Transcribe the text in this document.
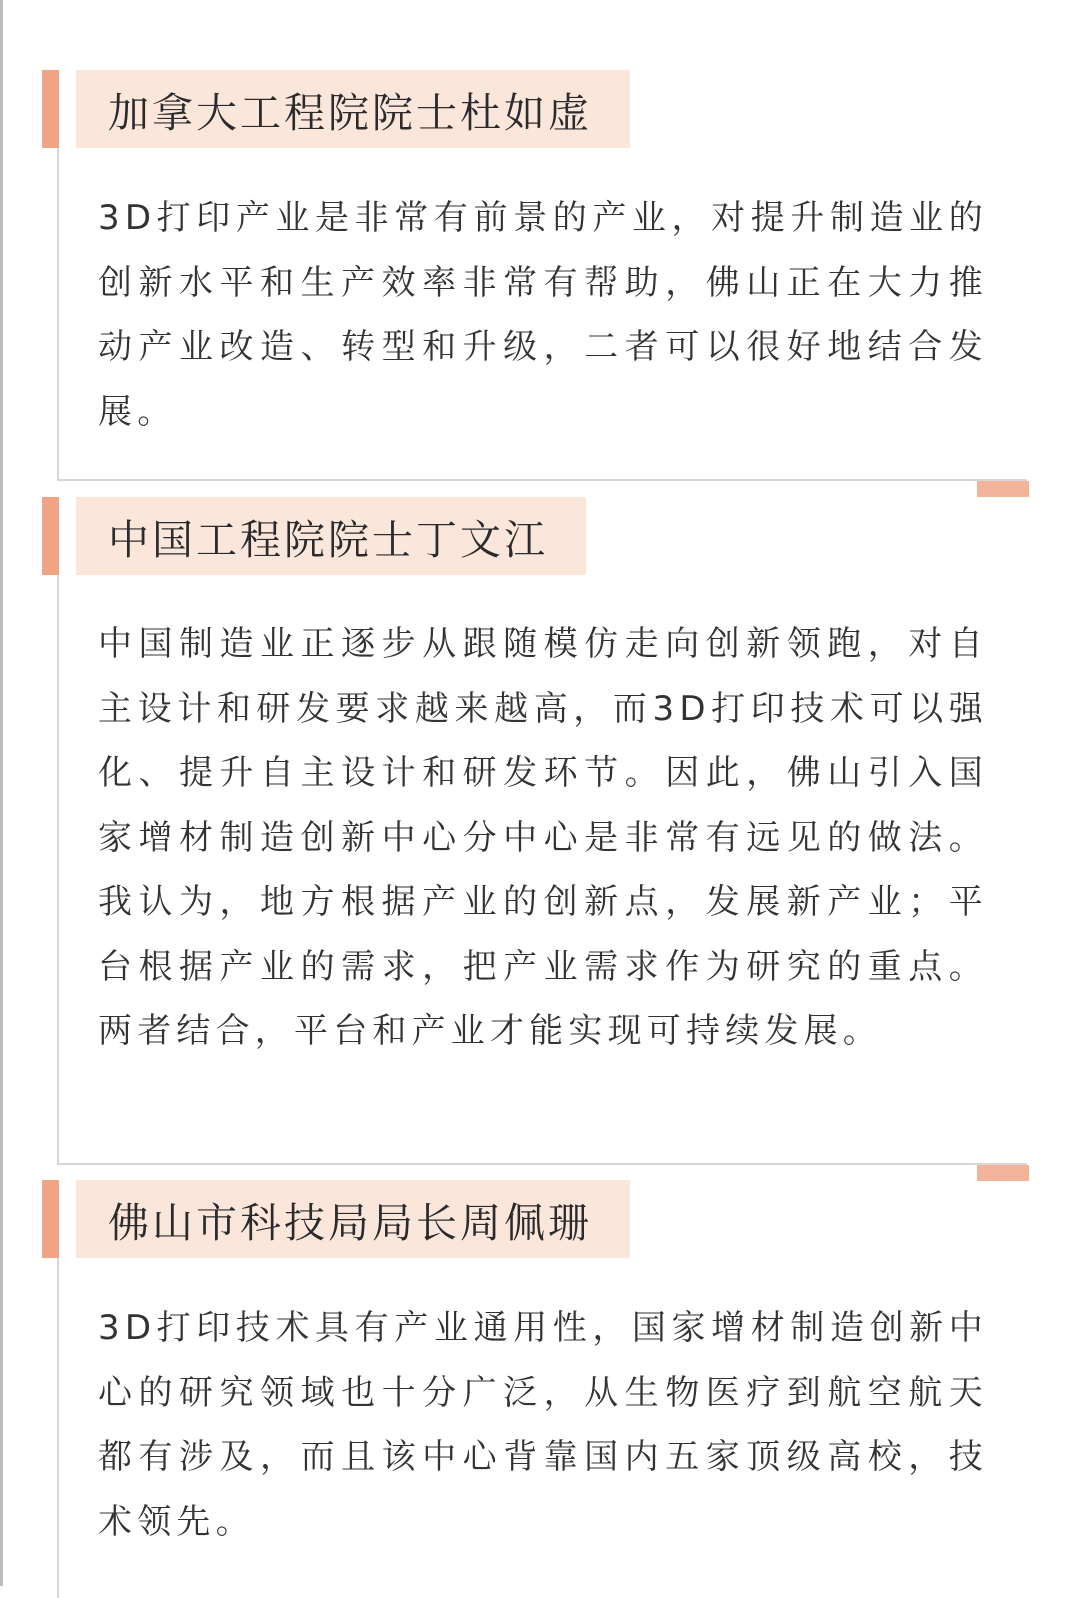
加拿大工程院院士杜如虚

3D打印产业是非常有前景的产业，对提升制造业的创新水平和生产效率非常有帮助，佛山正在大力推动产业改造、转型和升级，二者可以很好地结合发展。

中国工程院院士丁文江

中国制造业正逐步从跟随模仿走向创新领跑，对自主设计和研发要求越来越高，而3D打印技术可以强化、提升自主设计和研发环节。因此，佛山引入国家增材制造创新中心分中心是非常有远见的做法。我认为，地方根据产业的创新点，发展新产业；平台根据产业的需求，把产业需求作为研究的重点。两者结合，平台和产业才能实现可持续发展。

佛山市科技局局长周佩珊

3D打印技术具有产业通用性，国家增材制造创新中心的研究领域也十分广泛，从生物医疗到航空航天都有涉及，而且该中心背靠国内五家顶级高校，技术领先。
